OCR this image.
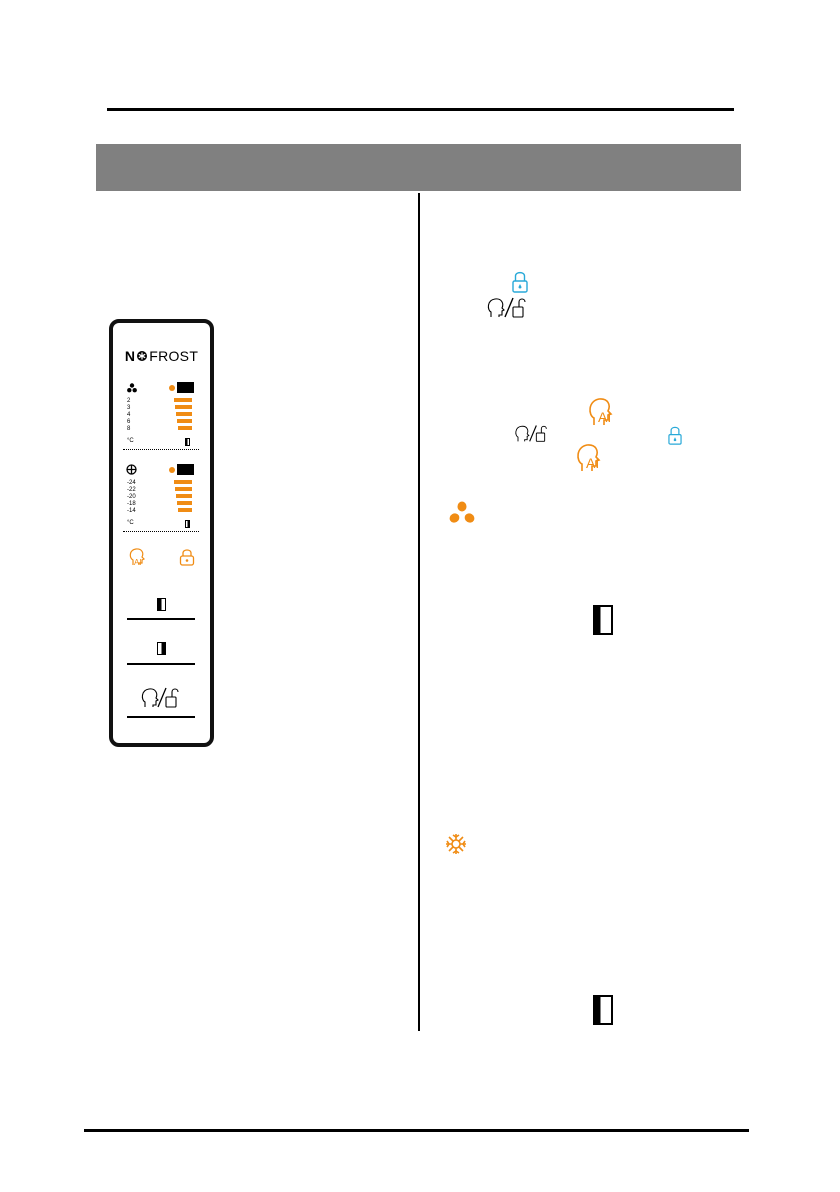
N FROST
2
3
4
6
8
°C
-24
-22
-20
-18
-14
°C
AI
AI
AI
